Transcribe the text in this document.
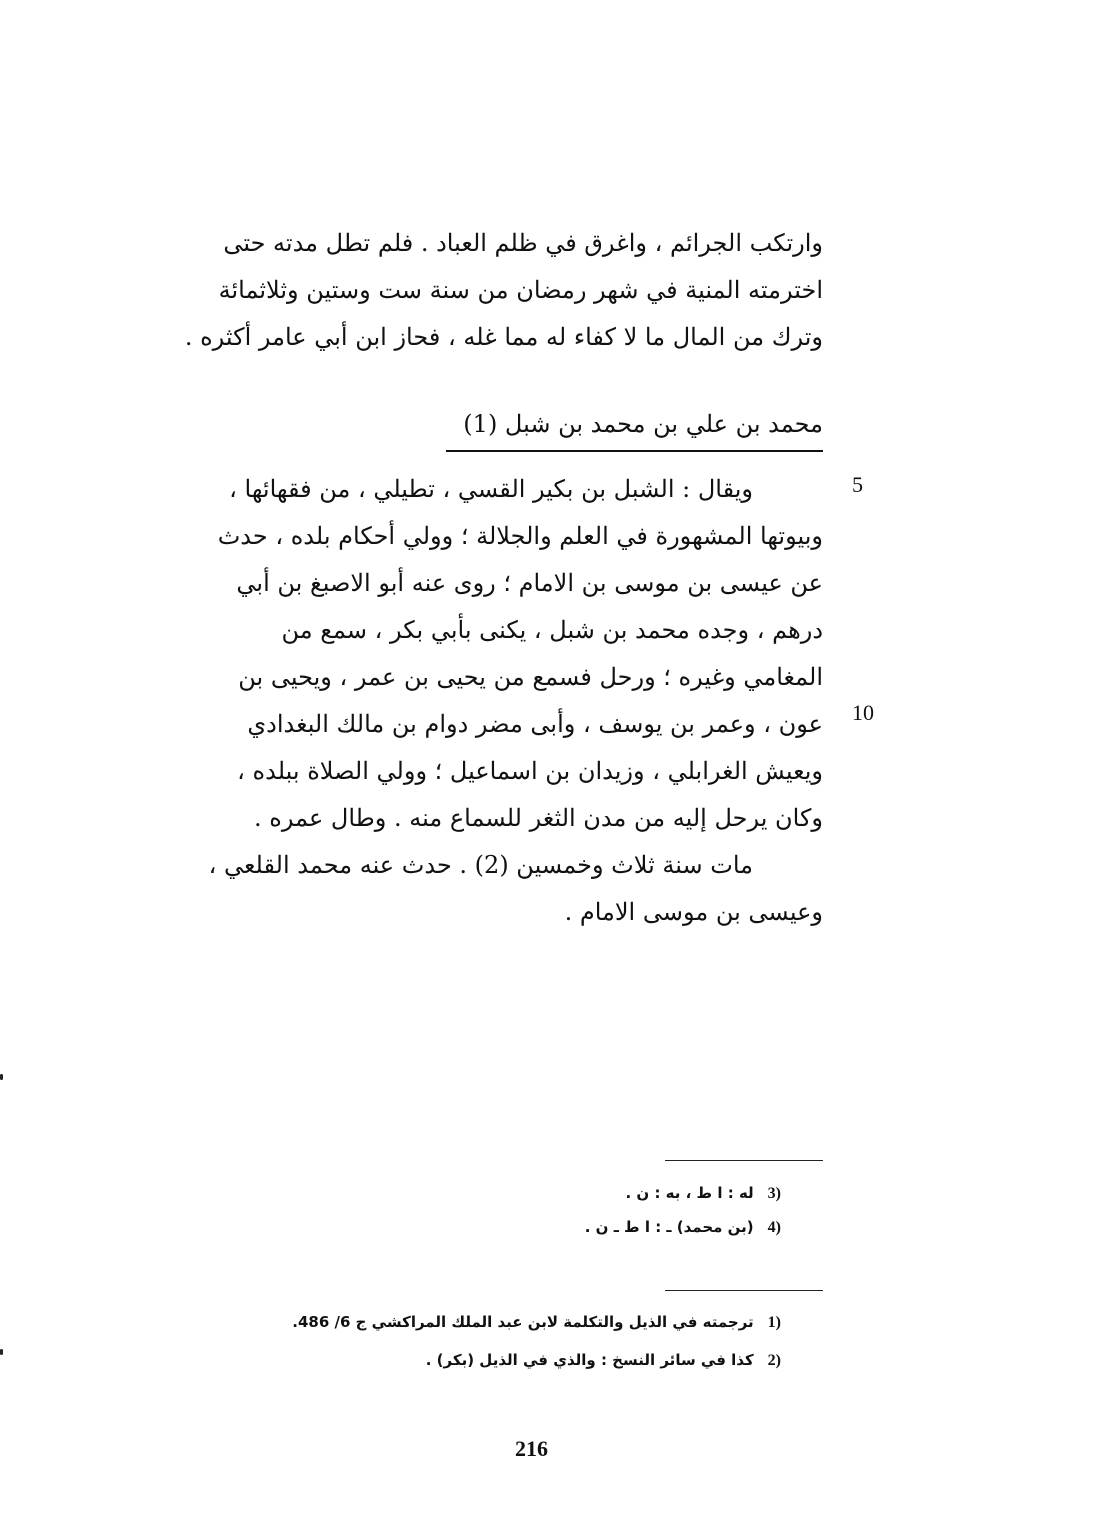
وارتكب الجرائم ، واغرق في ظلم العباد . فلم تطل مدته حتى
اخترمته المنية في شهر رمضان من سنة ست وستين وثلاثمائة
وترك من المال ما لا كفاء له مما غله ، فحاز ابن أبي عامر أكثره .
محمد بن علي بن محمد بن شبل (1)
5
10

ويقال : الشبل بن بكير القسي ، تطيلي ، من فقهائها ،
وبيوتها المشهورة في العلم والجلالة ؛ وولي أحكام بلده ، حدث
عن عيسى بن موسى بن الامام ؛ روى عنه أبو الاصبغ بن أبي
درهم ، وجده محمد بن شبل ، يكنى بأبي بكر ، سمع من
المغامي وغيره ؛ ورحل فسمع من يحيى بن عمر ، ويحيى بن
عون ، وعمر بن يوسف ، وأبى مضر دوام بن مالك البغدادي
ويعيش الغرابلي ، وزيدان بن اسماعيل ؛ وولي الصلاة ببلده ،
وكان يرحل إليه من مدن الثغر للسماع منه . وطال عمره .

مات سنة ثلاث وخمسين (2) . حدث عنه محمد القلعي ،
وعيسى بن موسى الامام .

(3له : ا ط ، به : ن .
(4(بن محمد) ـ : ا ط ـ ن .
(1ترجمته في الذيل والتكلمة لابن عبد الملك المراكشي ج 6/ 486.
(2كذا في سائر النسخ : والذي في الذيل (بكر) .
216
